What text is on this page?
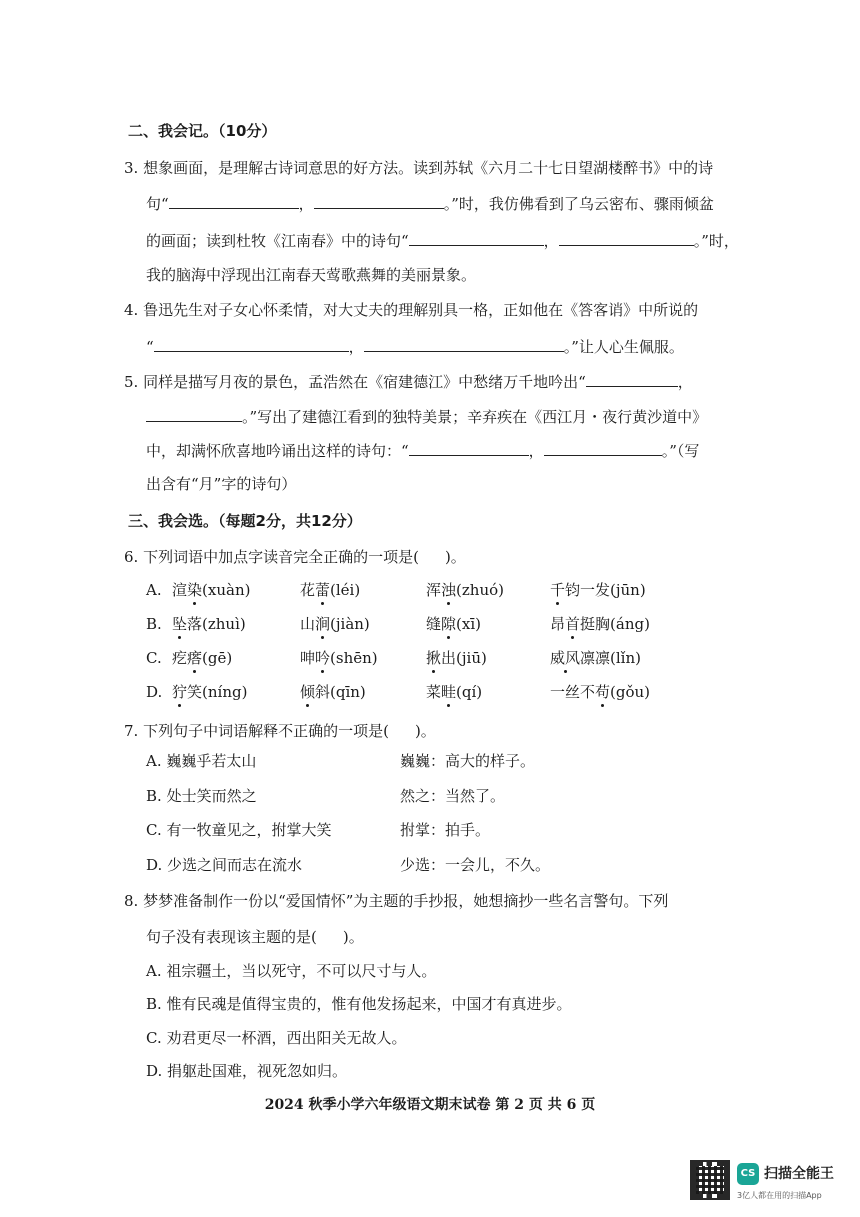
二、我会记。（10分）
3. 想象画面，是理解古诗词意思的好方法。读到苏轼《六月二十七日望湖楼醉书》中的诗
句“	，	。”时，我仿佛看到了乌云密布、骤雨倾盆
的画面；读到杜牧《江南春》中的诗句“	，	。”时，
我的脑海中浮现出江南春天莺歌燕舞的美丽景象。
4. 鲁迅先生对子女心怀柔情，对大丈夫的理解别具一格，正如他在《答客诮》中所说的
“	，	。”让人心生佩服。
5. 同样是描写月夜的景色，孟浩然在《宿建德江》中愁绪万千地吟出“	，
。”写出了建德江看到的独特美景；辛弃疾在《西江月・夜行黄沙道中》
中，却满怀欣喜地吟诵出这样的诗句：“	，	。”（写
出含有“月”字的诗句）
三、我会选。（每题2分，共12分）
6. 下列词语中加点字读音完全正确的一项是( )。
A. 渲染(xuàn)	花蕾(léi)	浑浊(zhuó)	千钧一发(jūn)
B. 坠落(zhuì)	山涧(jiàn)	缝隙(xī)	昂首挺胸(áng)
C. 疙瘩(gē)	呻吟(shēn)	揪出(jiū)	威风凛凛(lǐn)
D. 狞笑(níng)	倾斜(qīn)	菜畦(qí)	一丝不苟(gǒu)
7. 下列句子中词语解释不正确的一项是( )。
A. 巍巍乎若太山	巍巍：高大的样子。
B. 处士笑而然之	然之：当然了。
C. 有一牧童见之，拊掌大笑	拊掌：拍手。
D. 少选之间而志在流水	少选：一会儿，不久。
8. 梦梦准备制作一份以“爱国情怀”为主题的手抄报，她想摘抄一些名言警句。下列
句子没有表现该主题的是( )。
A. 祖宗疆土，当以死守，不可以尺寸与人。
B. 惟有民魂是值得宝贵的，惟有他发扬起来，中国才有真进步。
C. 劝君更尽一杯酒，西出阳关无故人。
D. 捐躯赴国难，视死忽如归。
2024 秋季小学六年级语文期末试卷 第 2 页 共 6 页
CS 扫描全能王
3亿人都在用的扫描App
